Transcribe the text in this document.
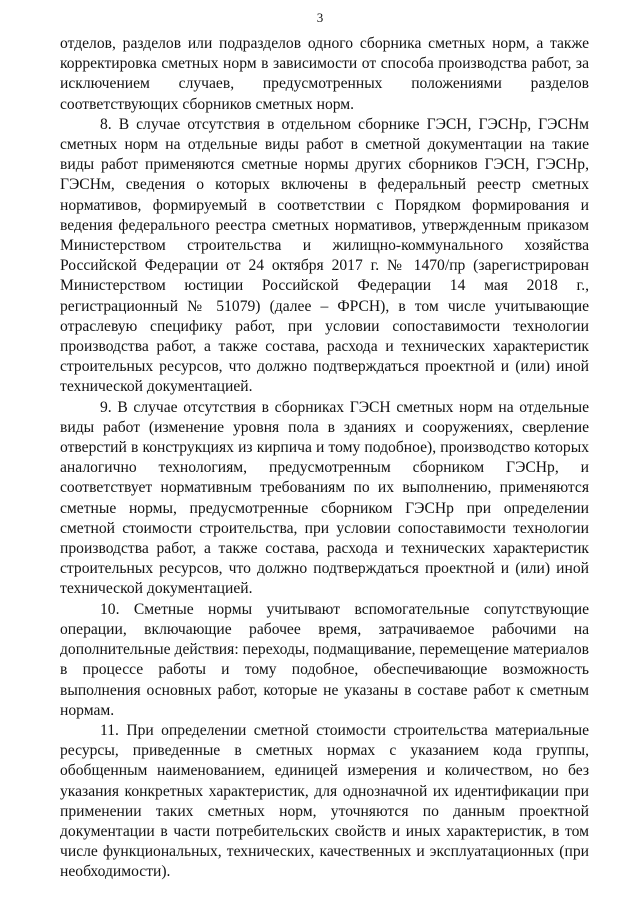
3

отделов, разделов или подразделов одного сборника сметных норм, а также корректировка сметных норм в зависимости от способа производства работ, за исключением случаев, предусмотренных положениями разделов соответствующих сборников сметных норм.

8. В случае отсутствия в отдельном сборнике ГЭСН, ГЭСНр, ГЭСНм сметных норм на отдельные виды работ в сметной документации на такие виды работ применяются сметные нормы других сборников ГЭСН, ГЭСНр, ГЭСНм, сведения о которых включены в федеральный реестр сметных нормативов, формируемый в соответствии с Порядком формирования и ведения федерального реестра сметных нормативов, утвержденным приказом Министерством строительства и жилищно-коммунального хозяйства Российской Федерации от 24 октября 2017 г. № 1470/пр (зарегистрирован Министерством юстиции Российской Федерации 14 мая 2018 г., регистрационный № 51079) (далее – ФРСН), в том числе учитывающие отраслевую специфику работ, при условии сопоставимости технологии производства работ, а также состава, расхода и технических характеристик строительных ресурсов, что должно подтверждаться проектной и (или) иной технической документацией.

9. В случае отсутствия в сборниках ГЭСН сметных норм на отдельные виды работ (изменение уровня пола в зданиях и сооружениях, сверление отверстий в конструкциях из кирпича и тому подобное), производство которых аналогично технологиям, предусмотренным сборником ГЭСНр, и соответствует нормативным требованиям по их выполнению, применяются сметные нормы, предусмотренные сборником ГЭСНр при определении сметной стоимости строительства, при условии сопоставимости технологии производства работ, а также состава, расхода и технических характеристик строительных ресурсов, что должно подтверждаться проектной и (или) иной технической документацией.

10. Сметные нормы учитывают вспомогательные сопутствующие операции, включающие рабочее время, затрачиваемое рабочими на дополнительные действия: переходы, подмащивание, перемещение материалов в процессе работы и тому подобное, обеспечивающие возможность выполнения основных работ, которые не указаны в составе работ к сметным нормам.

11. При определении сметной стоимости строительства материальные ресурсы, приведенные в сметных нормах с указанием кода группы, обобщенным наименованием, единицей измерения и количеством, но без указания конкретных характеристик, для однозначной их идентификации при применении таких сметных норм, уточняются по данным проектной документации в части потребительских свойств и иных характеристик, в том числе функциональных, технических, качественных и эксплуатационных (при необходимости).
